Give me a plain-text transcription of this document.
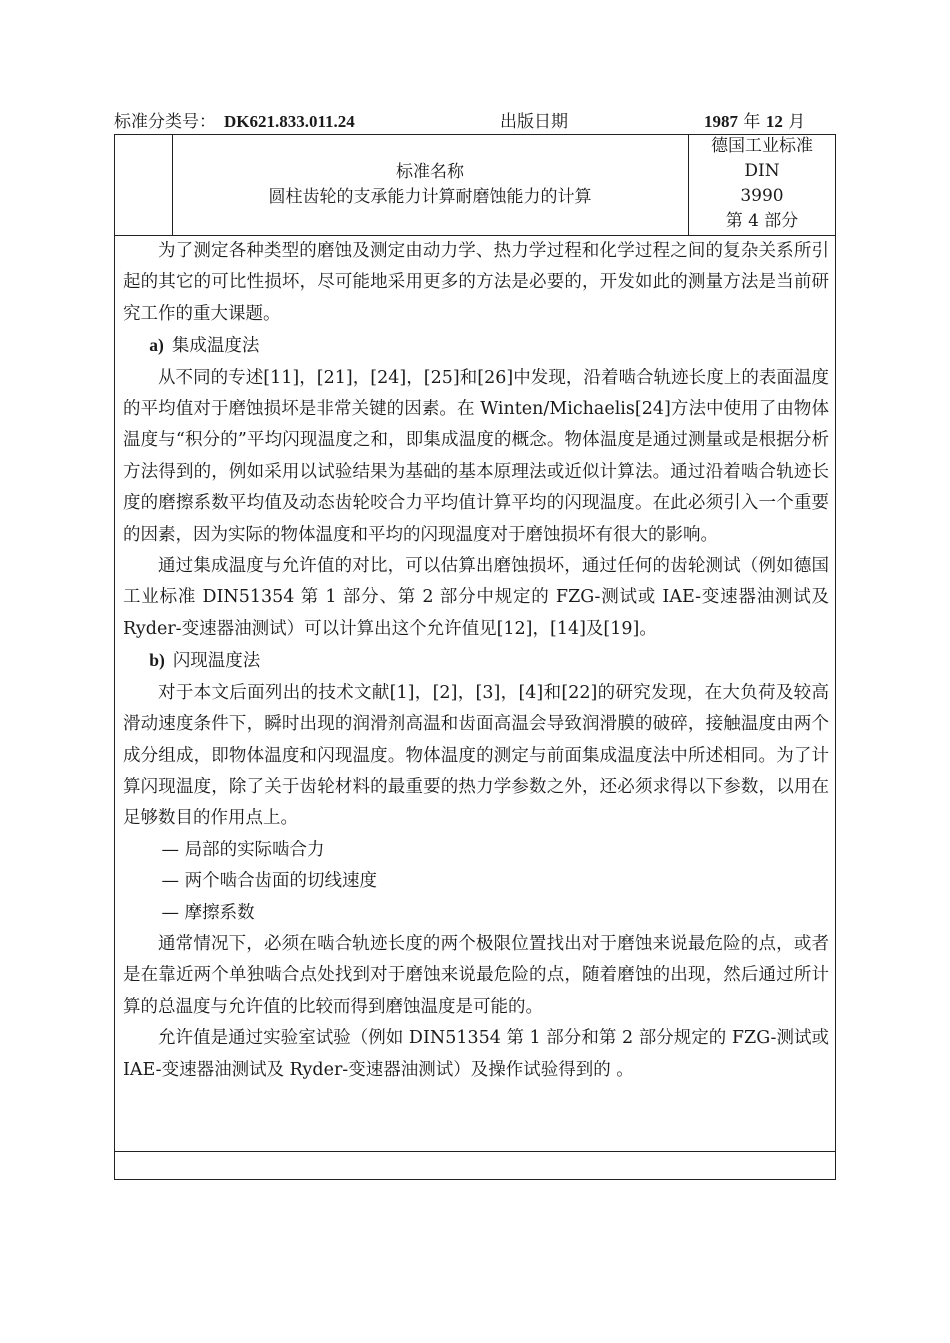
标准分类号： DK621.833.011.24	出版日期	1987 年 12 月
标准名称
圆柱齿轮的支承能力计算耐磨蚀能力的计算
德国工业标准
DIN
3990
第 4 部分

为了测定各种类型的磨蚀及测定由动力学、热力学过程和化学过程之间的复杂关系所引起的其它的可比性损坏，尽可能地采用更多的方法是必要的，开发如此的测量方法是当前研究工作的重大课题。

a) 集成温度法

从不同的专述[11]，[21]，[24]，[25]和[26]中发现，沿着啮合轨迹长度上的表面温度的平均值对于磨蚀损坏是非常关键的因素。在 Winten/Michaelis[24]方法中使用了由物体温度与“积分的”平均闪现温度之和，即集成温度的概念。物体温度是通过测量或是根据分析方法得到的，例如采用以试验结果为基础的基本原理法或近似计算法。通过沿着啮合轨迹长度的磨擦系数平均值及动态齿轮咬合力平均值计算平均的闪现温度。在此必须引入一个重要的因素，因为实际的物体温度和平均的闪现温度对于磨蚀损坏有很大的影响。

通过集成温度与允许值的对比，可以估算出磨蚀损坏，通过任何的齿轮测试（例如德国工业标准 DIN51354 第 1 部分、第 2 部分中规定的 FZG-测试或 IAE-变速器油测试及 Ryder-变速器油测试）可以计算出这个允许值见[12]，[14]及[19]。

b) 闪现温度法

对于本文后面列出的技术文献[1]，[2]，[3]，[4]和[22]的研究发现，在大负荷及较高滑动速度条件下，瞬时出现的润滑剂高温和齿面高温会导致润滑膜的破碎，接触温度由两个成分组成，即物体温度和闪现温度。物体温度的测定与前面集成温度法中所述相同。为了计算闪现温度，除了关于齿轮材料的最重要的热力学参数之外，还必须求得以下参数，以用在足够数目的作用点上。

— 局部的实际啮合力

— 两个啮合齿面的切线速度

— 摩擦系数

通常情况下，必须在啮合轨迹长度的两个极限位置找出对于磨蚀来说最危险的点，或者是在靠近两个单独啮合点处找到对于磨蚀来说最危险的点，随着磨蚀的出现，然后通过所计算的总温度与允许值的比较而得到磨蚀温度是可能的。

允许值是通过实验室试验（例如 DIN51354 第 1 部分和第 2 部分规定的 FZG-测试或 IAE-变速器油测试及 Ryder-变速器油测试）及操作试验得到的 。
